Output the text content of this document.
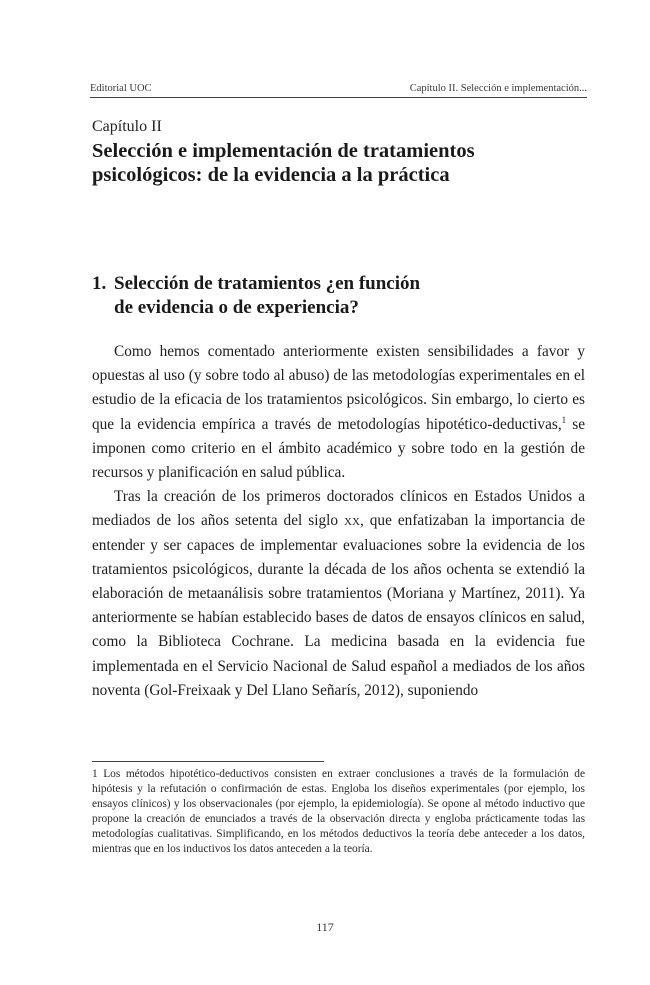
Editorial UOC	Capítulo II. Selección e implementación...
Capítulo II
Selección e implementación de tratamientos
psicológicos: de la evidencia a la práctica
1. Selección de tratamientos ¿en función
de evidencia o de experiencia?

Como hemos comentado anteriormente existen sensibilidades a favor y opuestas al uso (y sobre todo al abuso) de las metodologías experimentales en el estudio de la eficacia de los tratamientos psicológicos. Sin embargo, lo cierto es que la evidencia empírica a través de metodologías hipotético-deductivas,$^1$ se imponen como criterio en el ámbito académico y sobre todo en la gestión de recursos y planificación en salud pública.

Tras la creación de los primeros doctorados clínicos en Estados Unidos a mediados de los años setenta del siglo xx, que enfatizaban la importancia de entender y ser capaces de implementar evaluaciones sobre la evidencia de los tratamientos psicológicos, durante la década de los años ochenta se extendió la elaboración de metaanálisis sobre tratamientos (Moriana y Martínez, 2011). Ya anteriormente se habían establecido bases de datos de ensayos clínicos en salud, como la Biblioteca Cochrane. La medicina basada en la evidencia fue implementada en el Servicio Nacional de Salud español a mediados de los años noventa (Gol-Freixaak y Del Llano Señarís, 2012), suponiendo

1 Los métodos hipotético-deductivos consisten en extraer conclusiones a través de la formulación de hipótesis y la refutación o confirmación de estas. Engloba los diseños experimentales (por ejemplo, los ensayos clínicos) y los observacionales (por ejemplo, la epidemiología). Se opone al método inductivo que propone la creación de enunciados a través de la observación directa y engloba prácticamente todas las metodologías cualitativas. Simplificando, en los métodos deductivos la teoría debe anteceder a los datos, mientras que en los inductivos los datos anteceden a la teoría.

117
